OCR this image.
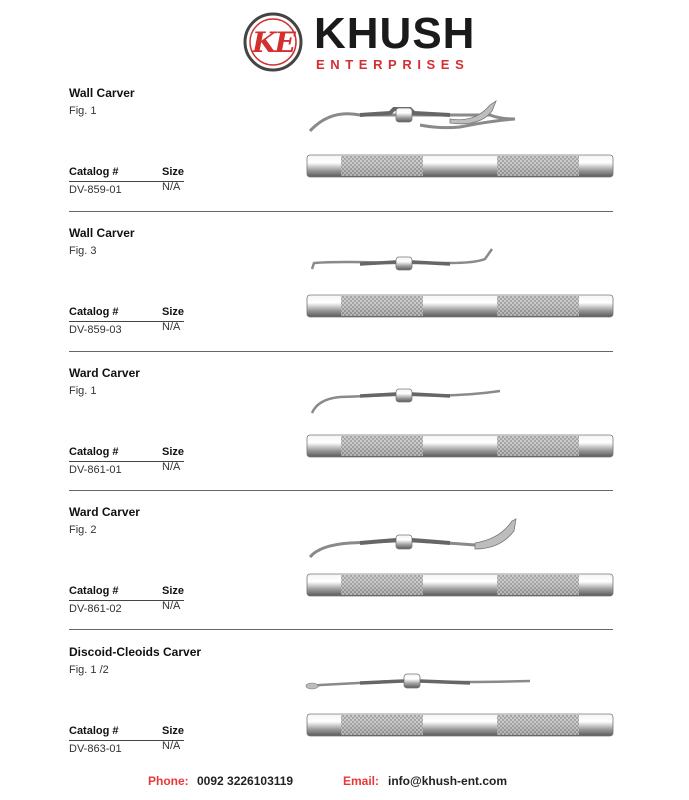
KE KHUSH
ENTERPRISES
Wall Carver
Fig. 1
Catalog #	Size
DV-859-01	N/A
Wall Carver
Fig. 3
Catalog #	Size
DV-859-03	N/A
Ward Carver
Fig. 1
Catalog #	Size
DV-861-01	N/A
Ward Carver
Fig. 2
Catalog #	Size
DV-861-02	N/A
Discoid-Cleoids Carver
Fig. 1 /2
Catalog #	Size
DV-863-01	N/A
Phone: 0092 3226103119	Email: info@khush-ent.com
